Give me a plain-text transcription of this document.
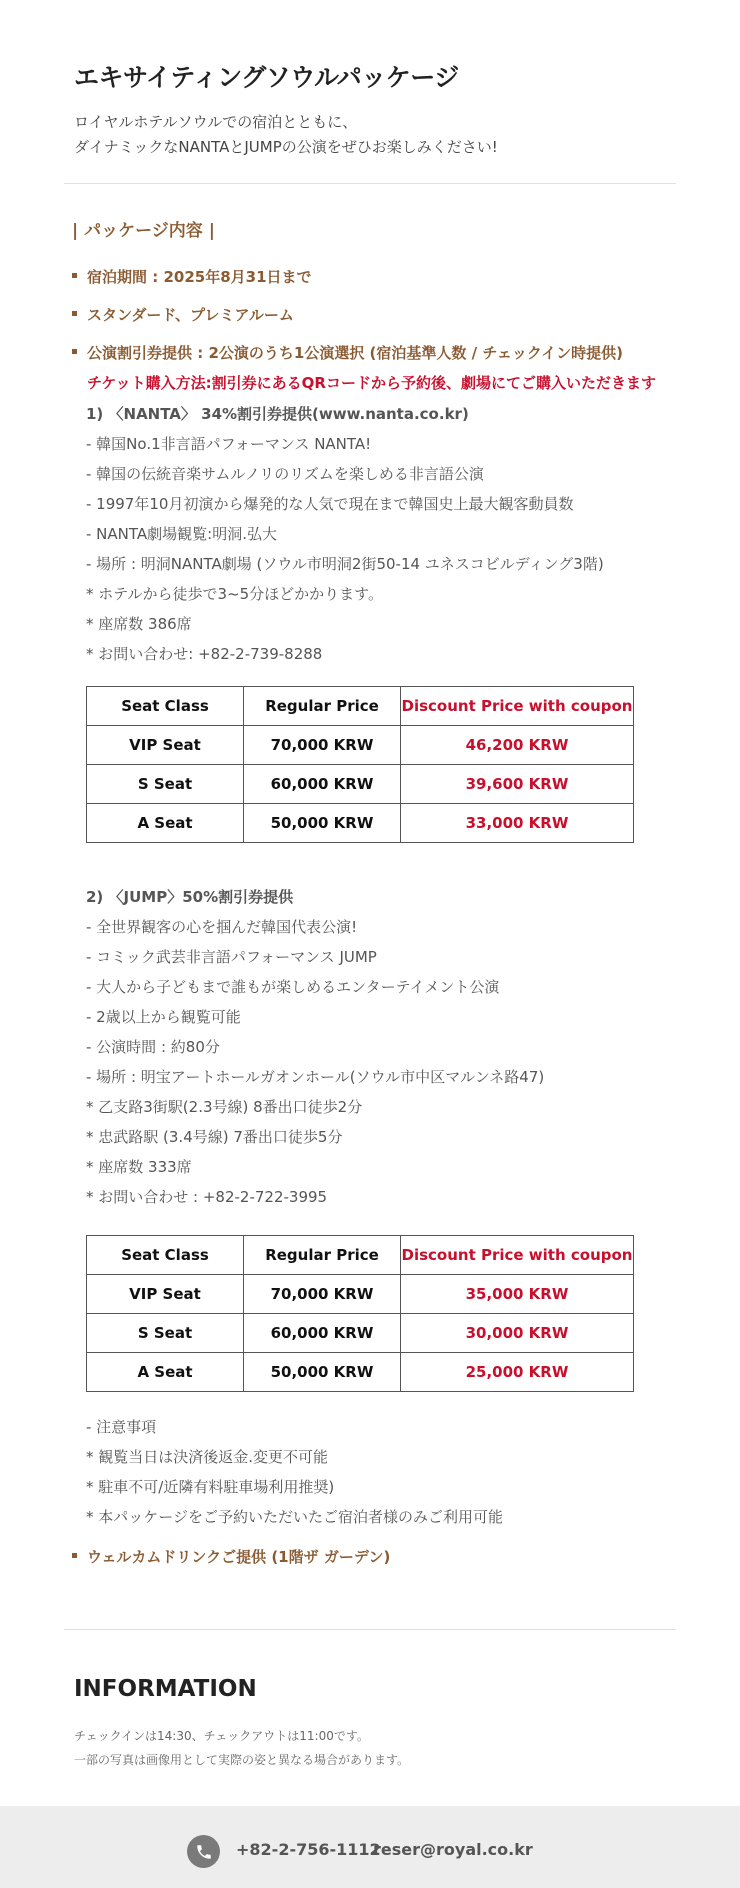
エキサイティングソウルパッケージ
ロイヤルホテルソウルでの宿泊とともに、
ダイナミックなNANTAとJUMPの公演をぜひお楽しみください!
| パッケージ内容 |
宿泊期間 : 2025年8月31日まで
スタンダード、プレミアルーム
公演割引券提供 : 2公演のうち1公演選択 (宿泊基準人数 / チェックイン時提供)
チケット購入方法:割引券にあるQRコードから予約後、劇場にてご購入いただきます
1) 〈NANTA〉 34%割引券提供(www.nanta.co.kr)
- 韓国No.1非言語パフォーマンス NANTA!
- 韓国の伝統音楽サムルノリのリズムを楽しめる非言語公演
- 1997年10月初演から爆発的な人気で現在まで韓国史上最大観客動員数
- NANTA劇場観覧:明洞.弘大
- 場所 : 明洞NANTA劇場 (ソウル市明洞2街50-14 ユネスコビルディング3階)
* ホテルから徒歩で3~5分ほどかかります。
* 座席数 386席
* お問い合わせ: +82-2-739-8288
Seat Class	Regular Price	Discount Price with coupon
VIP Seat	70,000 KRW	46,200 KRW
S Seat	60,000 KRW	39,600 KRW
A Seat	50,000 KRW	33,000 KRW
2) 〈JUMP〉50%割引券提供
- 全世界観客の心を掴んだ韓国代表公演!
- コミック武芸非言語パフォーマンス JUMP
- 大人から子どもまで誰もが楽しめるエンターテイメント公演
- 2歳以上から観覧可能
- 公演時間 : 約80分
- 場所 : 明宝アートホールガオンホール(ソウル市中区マルンネ路47)
* 乙支路3街駅(2.3号線) 8番出口徒歩2分
* 忠武路駅 (3.4号線) 7番出口徒歩5分
* 座席数 333席
* お問い合わせ : +82-2-722-3995
Seat Class	Regular Price	Discount Price with coupon
VIP Seat	70,000 KRW	35,000 KRW
S Seat	60,000 KRW	30,000 KRW
A Seat	50,000 KRW	25,000 KRW
- 注意事項
* 観覧当日は決済後返金.変更不可能
* 駐車不可/近隣有料駐車場利用推奨)
* 本パッケージをご予約いただいたご宿泊者様のみご利用可能
ウェルカムドリンクご提供 (1階ザ ガーデン)
INFORMATION
チェックインは14:30、チェックアウトは11:00です。
一部の写真は画像用として実際の姿と異なる場合があります。
+82-2-756-1112
reser@royal.co.kr
